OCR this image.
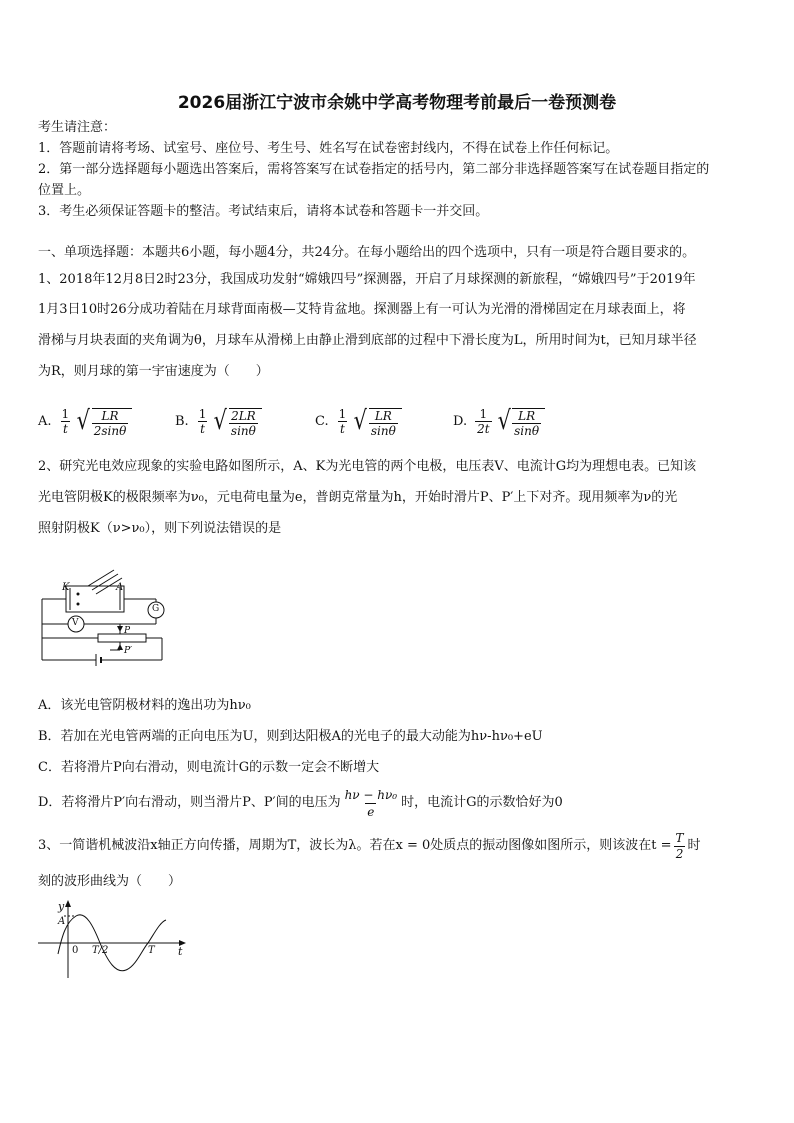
2026届浙江宁波市余姚中学高考物理考前最后一卷预测卷
考生请注意：
1．答题前请将考场、试室号、座位号、考生号、姓名写在试卷密封线内，不得在试卷上作任何标记。
2．第一部分选择题每小题选出答案后，需将答案写在试卷指定的括号内，第二部分非选择题答案写在试卷题目指定的
位置上。
3．考生必须保证答题卡的整洁。考试结束后，请将本试卷和答题卡一并交回。
一、单项选择题：本题共6小题，每小题4分，共24分。在每小题给出的四个选项中，只有一项是符合题目要求的。
1、2018年12月8日2时23分，我国成功发射“嫦娥四号”探测器，开启了月球探测的新旅程，“嫦娥四号”于2019年
1月3日10时26分成功着陆在月球背面南极—艾特肯盆地。探测器上有一可认为光滑的滑梯固定在月球表面上，将
滑梯与月块表面的夹角调为θ，月球车从滑梯上由静止滑到底部的过程中下滑长度为L，所用时间为t，已知月球半径
为R，则月球的第一宇宙速度为（　　）
A. $\frac{1}{t}$ √ $\frac{LR}{2\sin\theta}$	B. $\frac{1}{t}$ √ $\frac{2LR}{\sin\theta}$	C. $\frac{1}{t}$ √ $\frac{LR}{\sin\theta}$	D. $\frac{1}{2t}$ √ $\frac{LR}{\sin\theta}$
2、研究光电效应现象的实验电路如图所示，A、K为光电管的两个电极，电压表V、电流计G均为理想电表。已知该
光电管阴极K的极限频率为ν₀，元电荷电量为e，普朗克常量为h，开始时滑片P、P′上下对齐。现用频率为ν的光
照射阴极K（ν>ν₀），则下列说法错误的是
K	A
G
V
P
P′
A．该光电管阴极材料的逸出功为hν₀
B．若加在光电管两端的正向电压为U，则到达阳极A的光电子的最大动能为hν-hν₀+eU
C．若将滑片P向右滑动，则电流计G的示数一定会不断增大
D．若将滑片P′向右滑动，则当滑片P、P′间的电压为 $\frac{\text{hν − hν₀}}{e}$ 时，电流计G的示数恰好为0
3、一简谐机械波沿x轴正方向传播，周期为T，波长为λ。若在x = 0处质点的振动图像如图所示，则该波在$t = \frac{T}{2}$ 时
刻的波形曲线为（　　）
y
A
0 T/2	T t
